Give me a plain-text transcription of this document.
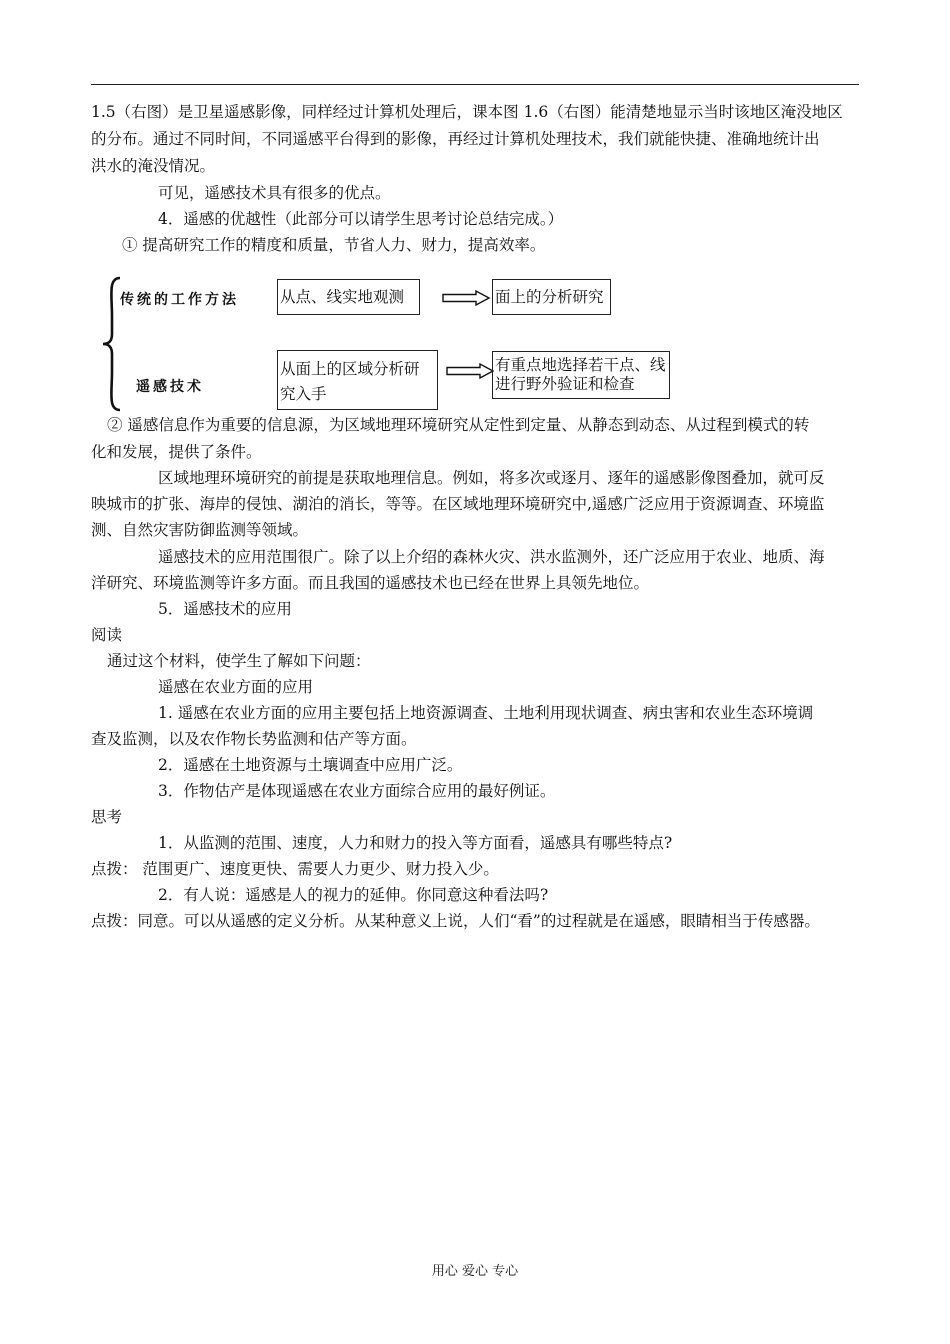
1.5（右图）是卫星遥感影像，同样经过计算机处理后，课本图 1.6（右图）能清楚地显示当时该地区淹没地区
的分布。通过不同时间，不同遥感平台得到的影像，再经过计算机处理技术，我们就能快捷、准确地统计出
洪水的淹没情况。
可见，遥感技术具有很多的优点。
4．遥感的优越性（此部分可以请学生思考讨论总结完成。）
① 提高研究工作的精度和质量，节省人力、财力，提高效率。
传统的工作方法
遥感技术
从点、线实地观测	面上的分析研究
从面上的区域分析研
究入手
有重点地选择若干点、线
进行野外验证和检查
② 遥感信息作为重要的信息源，为区域地理环境研究从定性到定量、从静态到动态、从过程到模式的转
化和发展，提供了条件。
区域地理环境研究的前提是获取地理信息。例如，将多次或逐月、逐年的遥感影像图叠加，就可反
映城市的扩张、海岸的侵蚀、湖泊的消长，等等。在区域地理环境研究中,遥感广泛应用于资源调查、环境监
测、自然灾害防御监测等领域。
遥感技术的应用范围很广。除了以上介绍的森林火灾、洪水监测外，还广泛应用于农业、地质、海
洋研究、环境监测等许多方面。而且我国的遥感技术也已经在世界上具领先地位。
5．遥感技术的应用
阅读
通过这个材料，使学生了解如下问题：
遥感在农业方面的应用
1. 遥感在农业方面的应用主要包括上地资源调查、土地利用现状调查、病虫害和农业生态环境调
查及监测，以及农作物长势监测和估产等方面。
2．遥感在土地资源与土壤调查中应用广泛。
3．作物估产是体现遥感在农业方面综合应用的最好例证。
思考
1．从监测的范围、速度，人力和财力的投入等方面看，遥感具有哪些特点?
点拨： 范围更广、速度更快、需要人力更少、财力投入少。
2．有人说：遥感是人的视力的延伸。你同意这种看法吗?
点拨：同意。可以从遥感的定义分析。从某种意义上说，人们“看”的过程就是在遥感，眼睛相当于传感器。
用心 爱心 专心
